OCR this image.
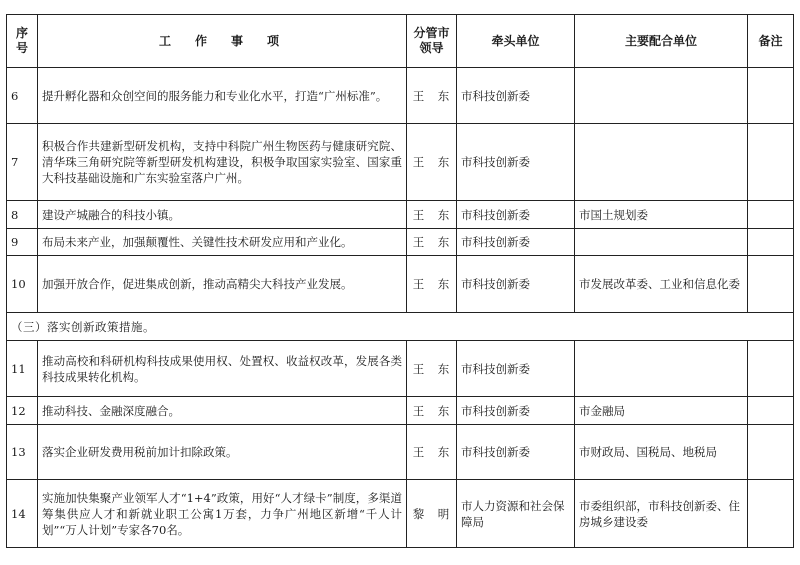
序号	工　作　事　项	分管市领导	牵头单位	主要配合单位	备注
6	提升孵化器和众创空间的服务能力和专业化水平，打造“广州标准”。	王　东	市科技创新委		
7	积极合作共建新型研发机构，支持中科院广州生物医药与健康研究院、清华珠三角研究院等新型研发机构建设，积极争取国家实验室、国家重大科技基础设施和广东实验室落户广州。	王　东	市科技创新委		
8	建设产城融合的科技小镇。	王　东	市科技创新委	市国土规划委	
9	布局未来产业，加强颠覆性、关键性技术研发应用和产业化。	王　东	市科技创新委		
10	加强开放合作，促进集成创新，推动高精尖大科技产业发展。	王　东	市科技创新委	市发展改革委、工业和信息化委	
（三）落实创新政策措施。					
11	推动高校和科研机构科技成果使用权、处置权、收益权改革，发展各类科技成果转化机构。	王　东	市科技创新委		
12	推动科技、金融深度融合。	王　东	市科技创新委	市金融局	
13	落实企业研发费用税前加计扣除政策。	王　东	市科技创新委	市财政局、国税局、地税局	
14	实施加快集聚产业领军人才“1+4”政策，用好“人才绿卡”制度，多渠道筹集供应人才和新就业职工公寓1万套，力争广州地区新增“千人计划”“万人计划”专家各70名。	黎　明	市人力资源和社会保障局	市委组织部，市科技创新委、住房城乡建设委	
